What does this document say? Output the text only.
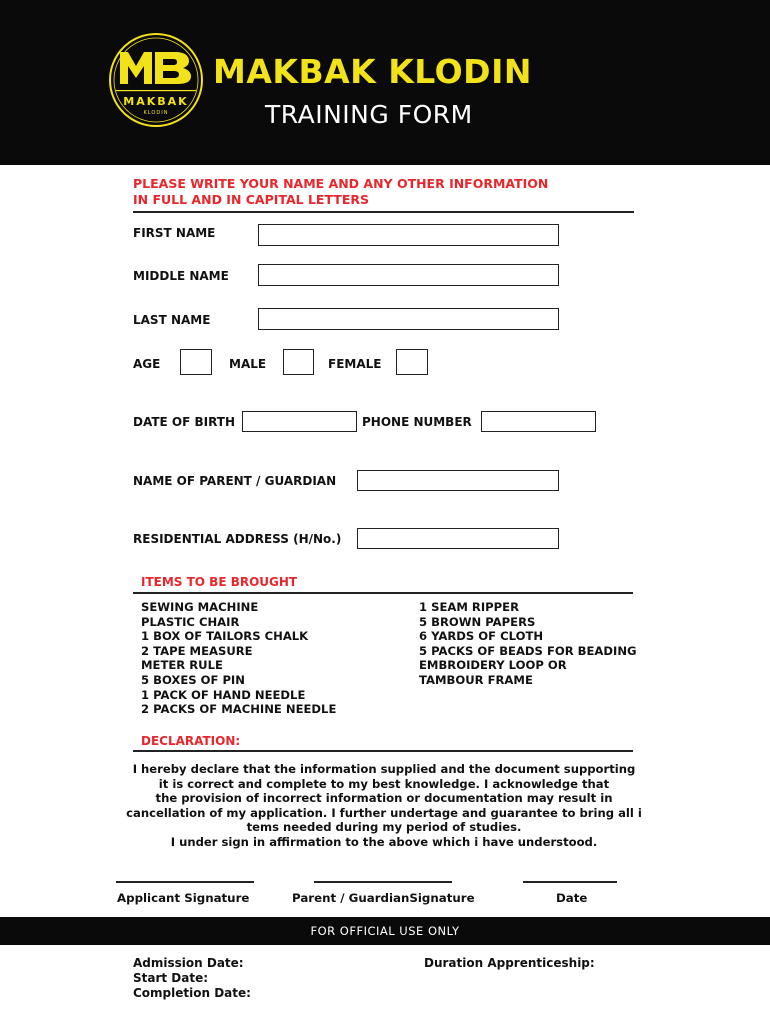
MAKBAK
KLODIN
MAKBAK KLODIN
TRAINING FORM
PLEASE WRITE YOUR NAME AND ANY OTHER INFORMATION
IN FULL AND IN CAPITAL LETTERS
FIRST NAME
MIDDLE NAME
LAST NAME
AGE	MALE	FEMALE
DATE OF BIRTH	PHONE NUMBER
NAME OF PARENT / GUARDIAN
RESIDENTIAL ADDRESS (H/No.)
ITEMS TO BE BROUGHT
SEWING MACHINE
PLASTIC CHAIR
1 BOX OF TAILORS CHALK
2 TAPE MEASURE
METER RULE
5 BOXES OF PIN
1 PACK OF HAND NEEDLE
2 PACKS OF MACHINE NEEDLE
1 SEAM RIPPER
5 BROWN PAPERS
6 YARDS OF CLOTH
5 PACKS OF BEADS FOR BEADING
EMBROIDERY LOOP OR
TAMBOUR FRAME
DECLARATION:
I hereby declare that the information supplied and the document supporting
it is correct and complete to my best knowledge. I acknowledge that
the provision of incorrect information or documentation may result in
cancellation of my application. I further undertage and guarantee to bring all i
tems needed during my period of studies.
I under sign in affirmation to the above which i have understood.
Applicant Signature	Parent / GuardianSignature	Date
FOR OFFICIAL USE ONLY
Admission Date:
Start Date:
Completion Date:
Duration Apprenticeship:
